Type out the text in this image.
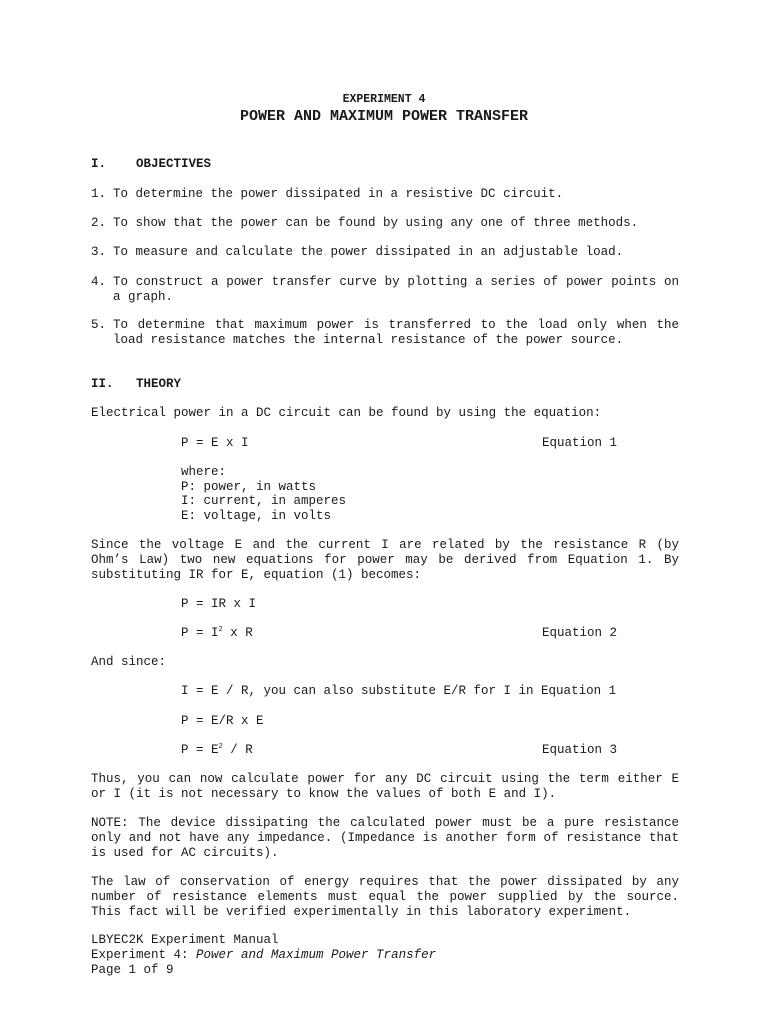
EXPERIMENT 4
POWER AND MAXIMUM POWER TRANSFER
I. OBJECTIVES
1. To determine the power dissipated in a resistive DC circuit.
2. To show that the power can be found by using any one of three methods.
3. To measure and calculate the power dissipated in an adjustable load.
4. To construct a power transfer curve by plotting a series of power points on a graph.
5. To determine that maximum power is transferred to the load only when the load resistance matches the internal resistance of the power source.
II. THEORY
Electrical power in a DC circuit can be found by using the equation:
P = E x I	Equation 1
where:
P: power, in watts
I: current, in amperes
E: voltage, in volts
Since the voltage E and the current I are related by the resistance R (by Ohm’s Law) two new equations for power may be derived from Equation 1. By substituting IR for E, equation (1) becomes:
P = IR x I
$P = I^2$ x R	Equation 2
And since:
I = E / R, you can also substitute E/R for I in Equation 1
P = E/R x E
$P = E^2 / R$	Equation 3
Thus, you can now calculate power for any DC circuit using the term either E or I (it is not necessary to know the values of both E and I).
NOTE: The device dissipating the calculated power must be a pure resistance only and not have any impedance. (Impedance is another form of resistance that is used for AC circuits).
The law of conservation of energy requires that the power dissipated by any number of resistance elements must equal the power supplied by the source. This fact will be verified experimentally in this laboratory experiment.
LBYEC2K Experiment Manual
Experiment 4: Power and Maximum Power Transfer
Page 1 of 9
